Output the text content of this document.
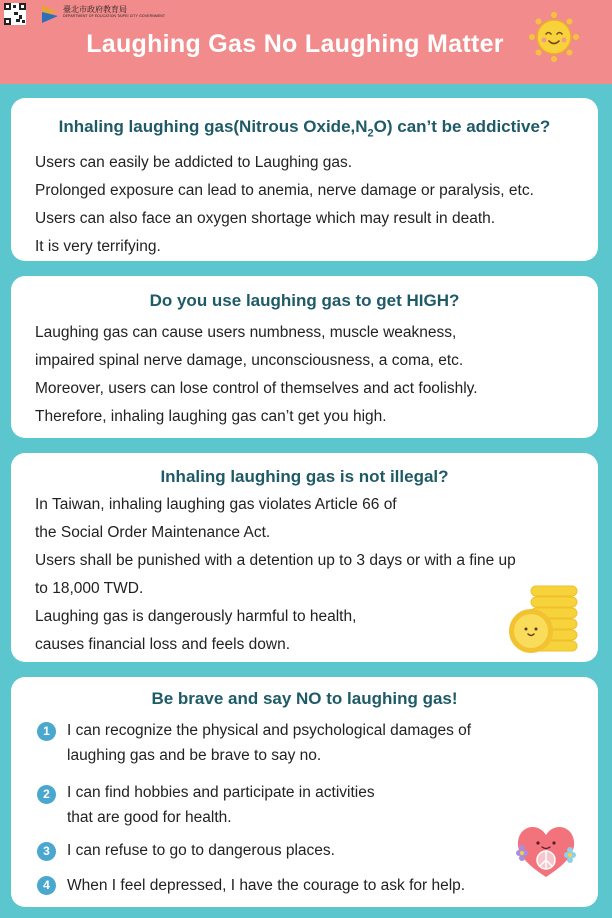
臺北市政府教育局
DEPARTMENT OF EDUCATION TAIPEI CITY GOVERNMENT
Laughing Gas No Laughing Matter
Inhaling laughing gas(Nitrous $Oxide,N_2O$) can’t be addictive?
Users can easily be addicted to Laughing gas.
Prolonged exposure can lead to anemia, nerve damage or paralysis, etc.
Users can also face an oxygen shortage which may result in death.
It is very terrifying.
Do you use laughing gas to get HIGH?
Laughing gas can cause users numbness, muscle weakness,
impaired spinal nerve damage, unconsciousness, a coma, etc.
Moreover, users can lose control of themselves and act foolishly.
Therefore, inhaling laughing gas can’t get you high.
Inhaling laughing gas is not illegal?
In Taiwan, inhaling laughing gas violates Article 66 of
the Social Order Maintenance Act.
Users shall be punished with a detention up to 3 days or with a fine up
to 18,000 TWD.
Laughing gas is dangerously harmful to health,
causes financial loss and feels down.
Be brave and say NO to laughing gas!
1	I can recognize the physical and psychological damages of
laughing gas and be brave to say no.
2	I can find hobbies and participate in activities
that are good for health.
3	I can refuse to go to dangerous places.
4	When I feel depressed, I have the courage to ask for help.
